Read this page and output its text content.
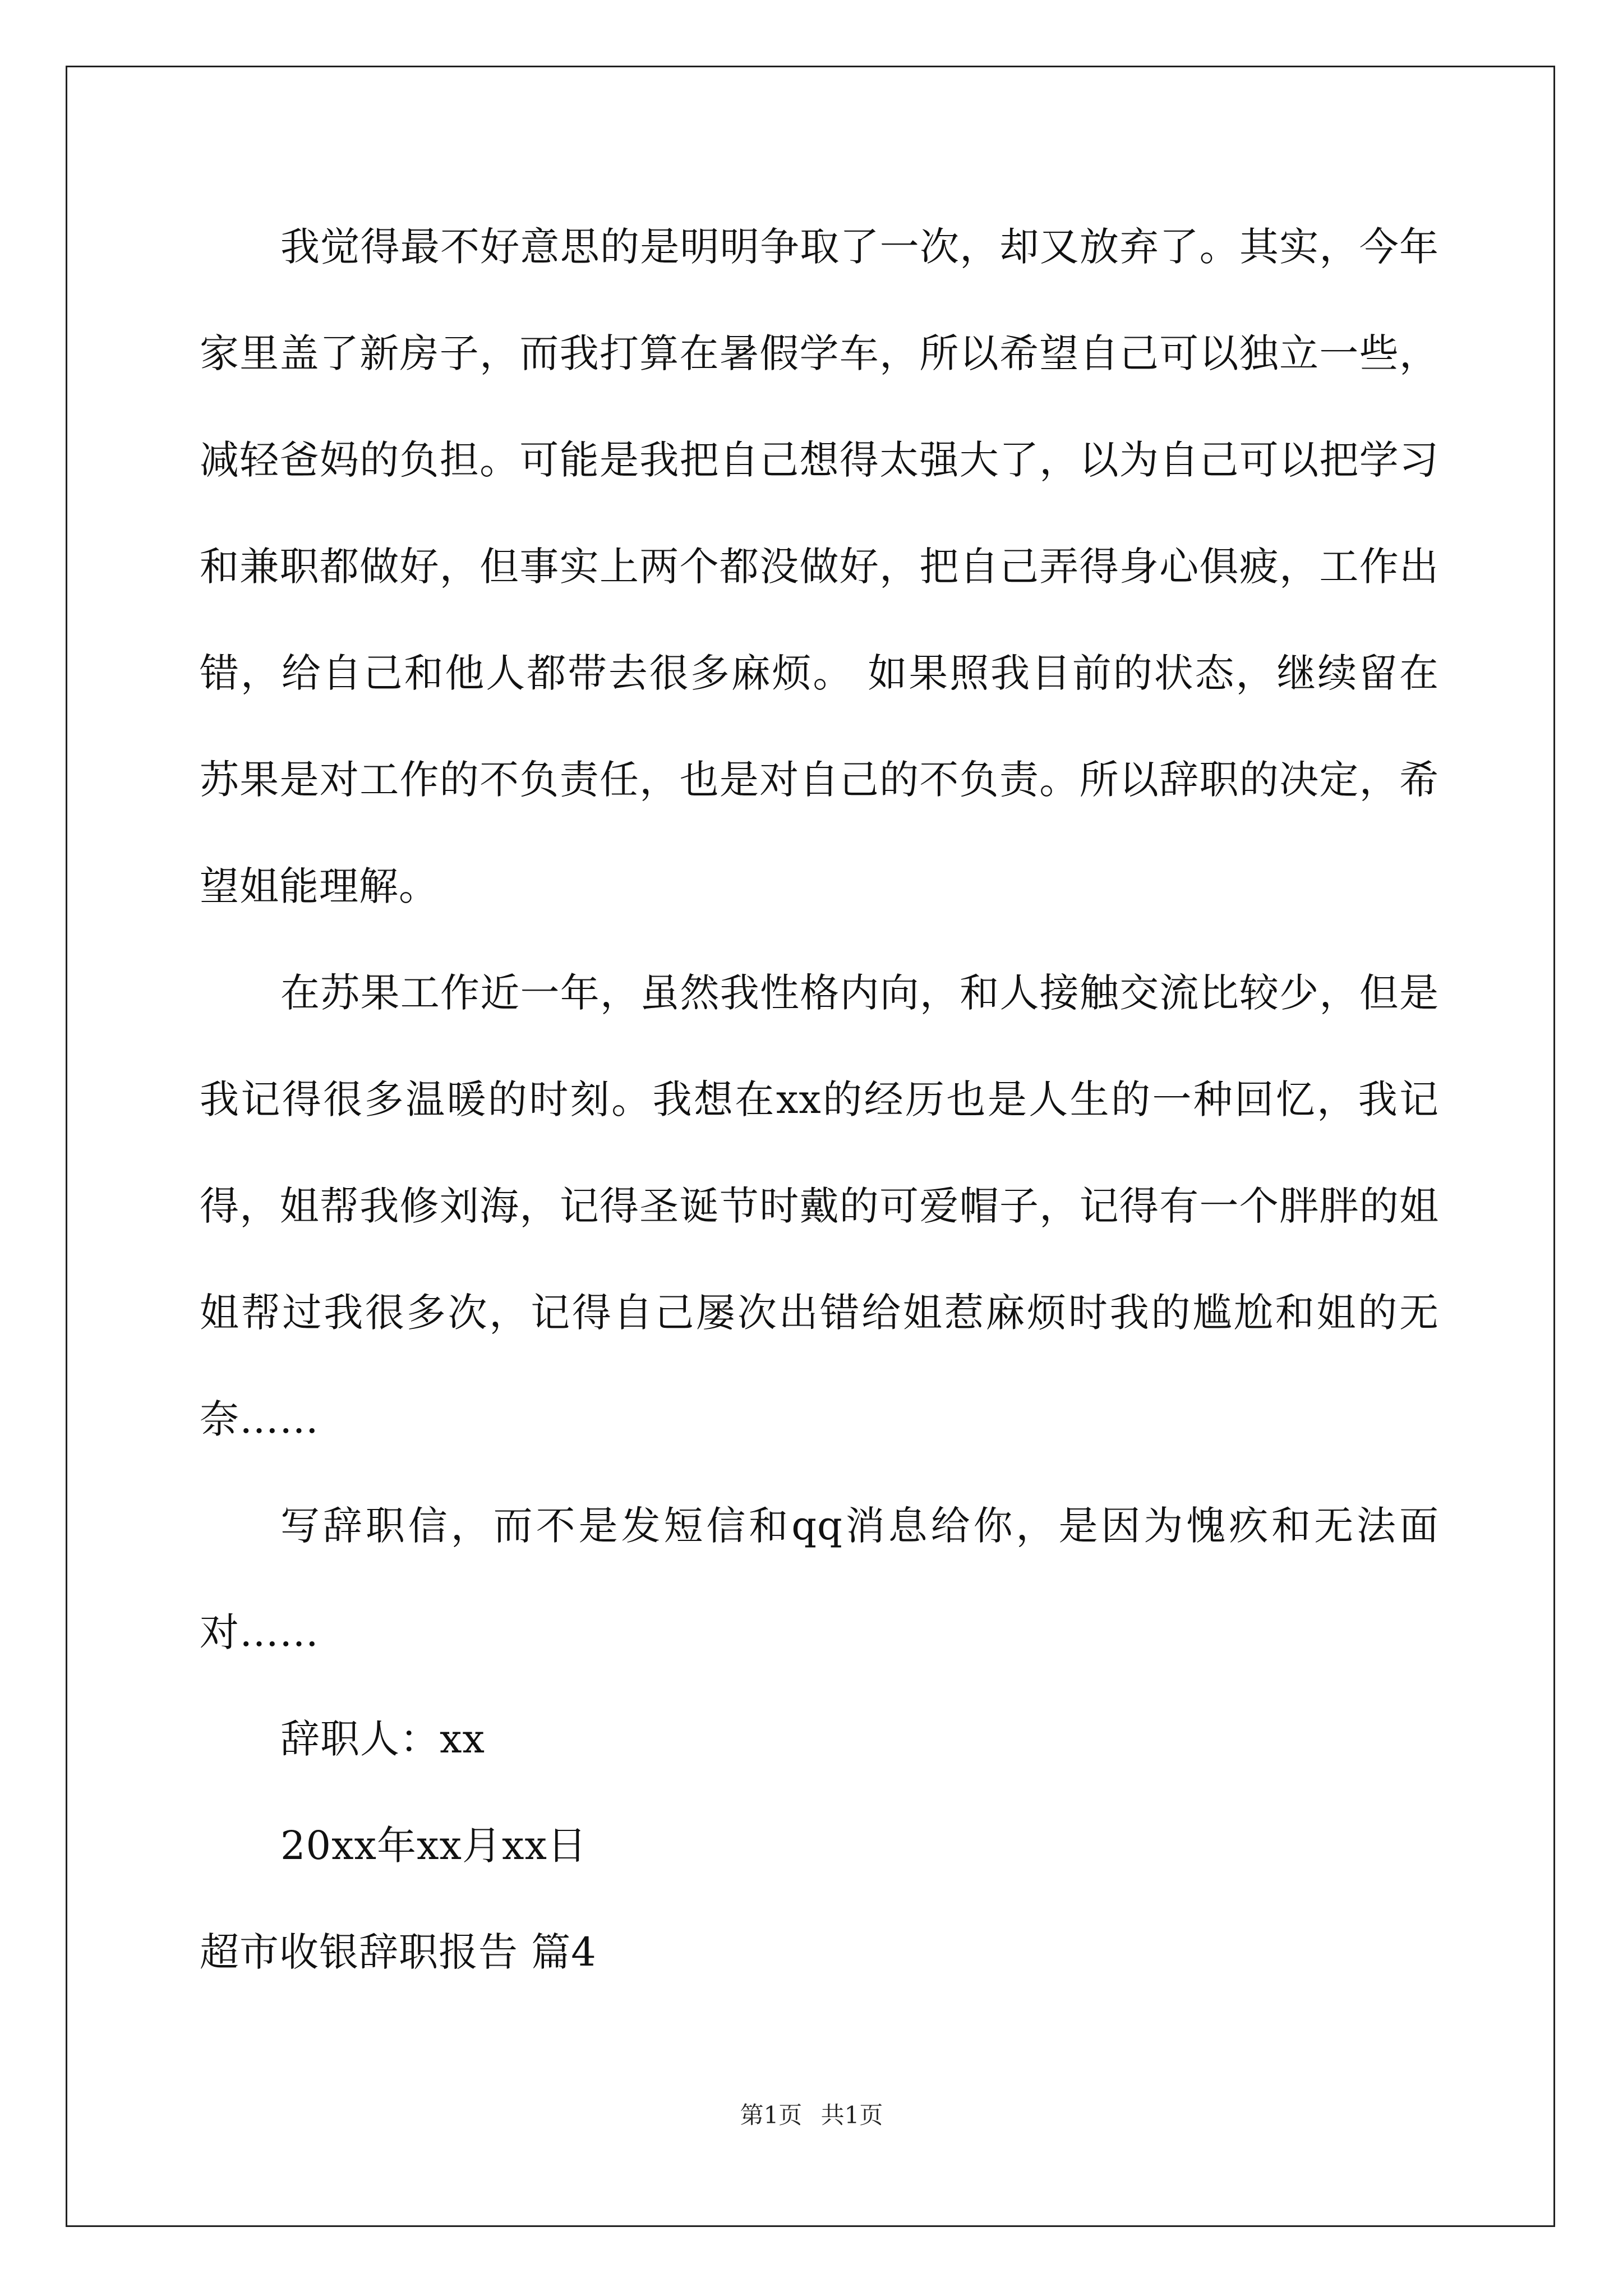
我觉得最不好意思的是明明争取了一次，却又放弃了。其实，今年家里盖了新房子，而我打算在暑假学车，所以希望自己可以独立一些，减轻爸妈的负担。可能是我把自己想得太强大了，以为自己可以把学习和兼职都做好，但事实上两个都没做好，把自己弄得身心俱疲，工作出错，给自己和他人都带去很多麻烦。 如果照我目前的状态，继续留在苏果是对工作的不负责任，也是对自己的不负责。所以辞职的决定，希望姐能理解。

在苏果工作近一年，虽然我性格内向，和人接触交流比较少，但是我记得很多温暖的时刻。我想在xx的经历也是人生的一种回忆，我记得，姐帮我修刘海，记得圣诞节时戴的可爱帽子，记得有一个胖胖的姐姐帮过我很多次，记得自己屡次出错给姐惹麻烦时我的尴尬和姐的无奈……

写辞职信，而不是发短信和qq消息给你，是因为愧疚和无法面对……

辞职人：xx

20xx年xx月xx日

超市收银辞职报告 篇4

第1页 共1页
